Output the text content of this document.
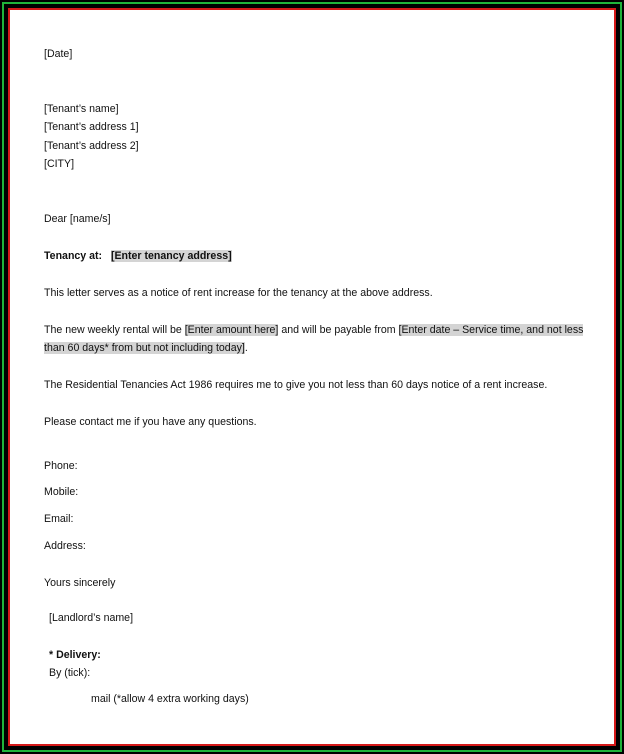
[Date]
[Tenant’s name]
[Tenant’s address 1]
[Tenant’s address 2]
[CITY]
Dear [name/s]
Tenancy at: [Enter tenancy address]
This letter serves as a notice of rent increase for the tenancy at the above address.
The new weekly rental will be [Enter amount here] and will be payable from [Enter date – Service time, and not less
than 60 days* from but not including today].
The Residential Tenancies Act 1986 requires me to give you not less than 60 days notice of a rent increase.
Please contact me if you have any questions.
Phone:
Mobile:
Email:
Address:
Yours sincerely
[Landlord’s name]
* Delivery:
By (tick):
mail (*allow 4 extra working days)
